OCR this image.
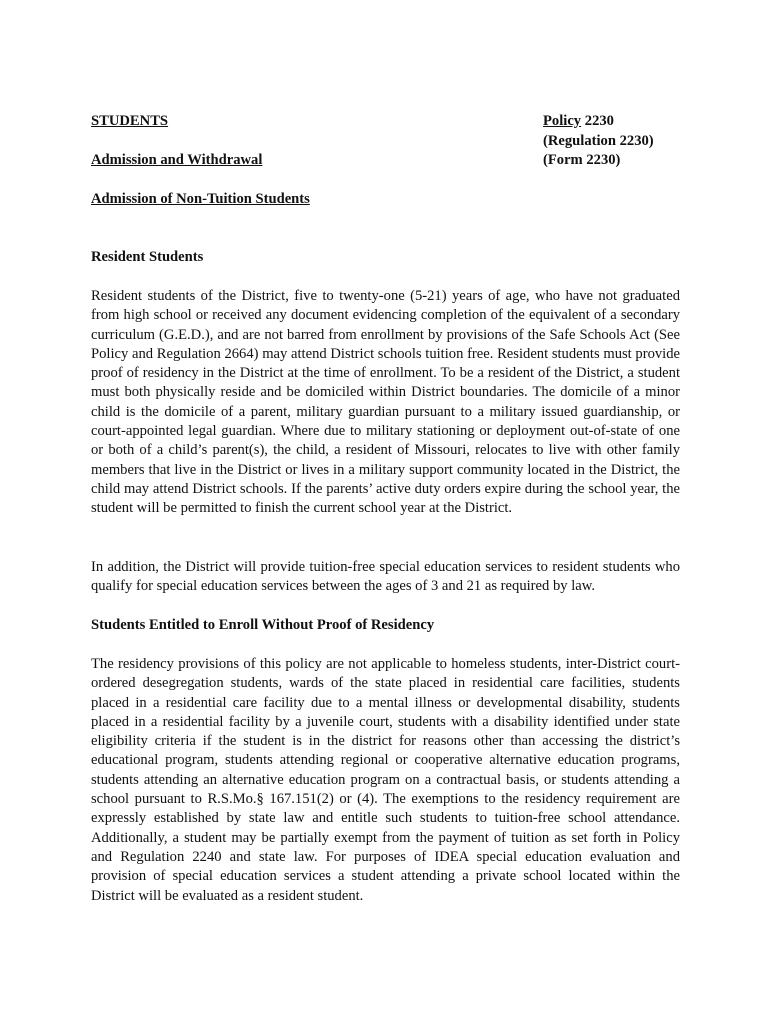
STUDENTS
Admission and Withdrawal
Admission of Non-Tuition Students
Policy 2230
(Regulation 2230)
(Form 2230)
Resident Students

Resident students of the District, five to twenty-one (5-21) years of age, who have not graduated from high school or received any document evidencing completion of the equivalent of a secondary curriculum (G.E.D.), and are not barred from enrollment by provisions of the Safe Schools Act (See Policy and Regulation 2664) may attend District schools tuition free. Resident students must provide proof of residency in the District at the time of enrollment. To be a resident of the District, a student must both physically reside and be domiciled within District boundaries. The domicile of a minor child is the domicile of a parent, military guardian pursuant to a military issued guardianship, or court-appointed legal guardian. Where due to military stationing or deployment out-of-state of one or both of a child’s parent(s), the child, a resident of Missouri, relocates to live with other family members that live in the District or lives in a military support community located in the District, the child may attend District schools. If the parents’ active duty orders expire during the school year, the student will be permitted to finish the current school year at the District.

In addition, the District will provide tuition-free special education services to resident students who qualify for special education services between the ages of 3 and 21 as required by law.

Students Entitled to Enroll Without Proof of Residency

The residency provisions of this policy are not applicable to homeless students, inter-District court-ordered desegregation students, wards of the state placed in residential care facilities, students placed in a residential care facility due to a mental illness or developmental disability, students placed in a residential facility by a juvenile court, students with a disability identified under state eligibility criteria if the student is in the district for reasons other than accessing the district’s educational program, students attending regional or cooperative alternative education programs, students attending an alternative education program on a contractual basis, or students attending a school pursuant to R.S.Mo.§ 167.151(2) or (4). The exemptions to the residency requirement are expressly established by state law and entitle such students to tuition-free school attendance. Additionally, a student may be partially exempt from the payment of tuition as set forth in Policy and Regulation 2240 and state law. For purposes of IDEA special education evaluation and provision of special education services a student attending a private school located within the District will be evaluated as a resident student.
